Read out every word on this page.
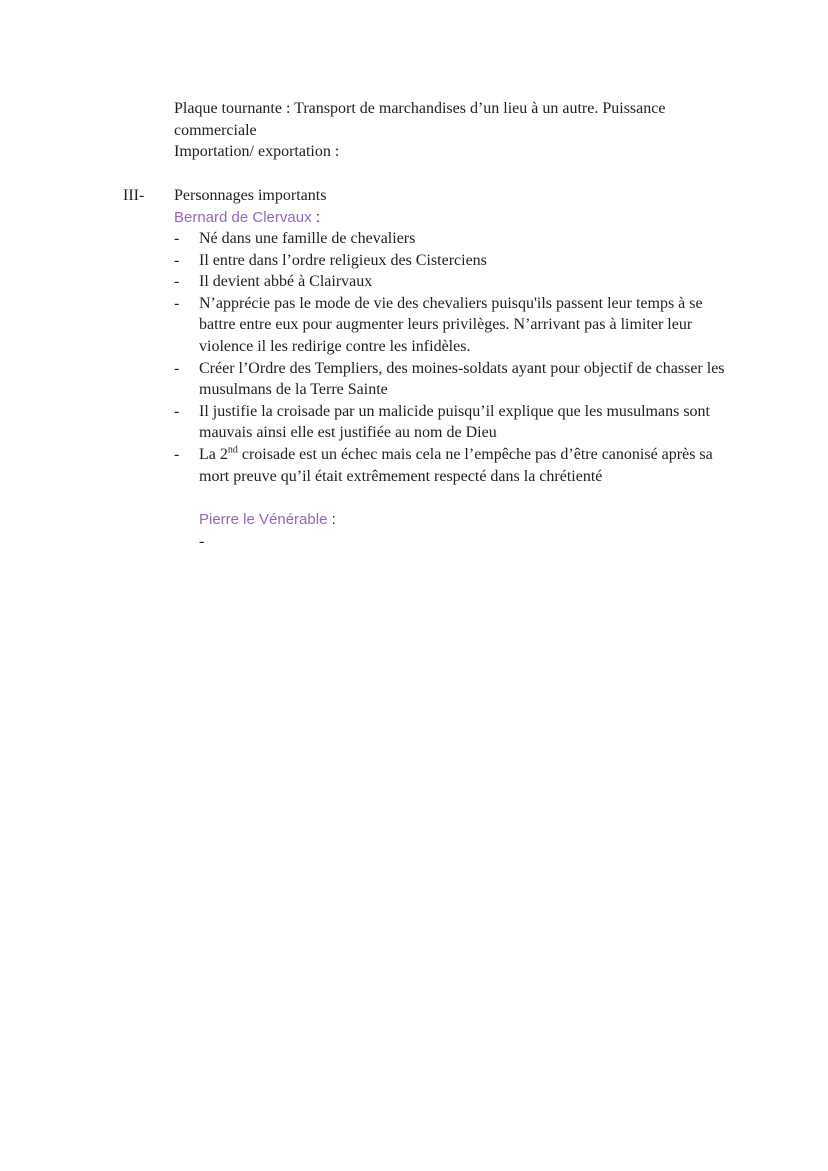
Plaque tournante : Transport de marchandises d’un lieu à un autre. Puissance
commerciale
Importation/ exportation :
III- Personnages importants
Bernard de Clervaux :
- Né dans une famille de chevaliers
- Il entre dans l’ordre religieux des Cisterciens
- Il devient abbé à Clairvaux
- N’apprécie pas le mode de vie des chevaliers puisqu'ils passent leur temps à se battre entre eux pour augmenter leurs privilèges. N’arrivant pas à limiter leur violence il les redirige contre les infidèles.
- Créer l’Ordre des Templiers, des moines-soldats ayant pour objectif de chasser les musulmans de la Terre Sainte
- Il justifie la croisade par un malicide puisqu’il explique que les musulmans sont mauvais ainsi elle est justifiée au nom de Dieu
- La 2nd croisade est un échec mais cela ne l’empêche pas d’être canonisé après sa mort preuve qu’il était extrêmement respecté dans la chrétienté
Pierre le Vénérable :
-
